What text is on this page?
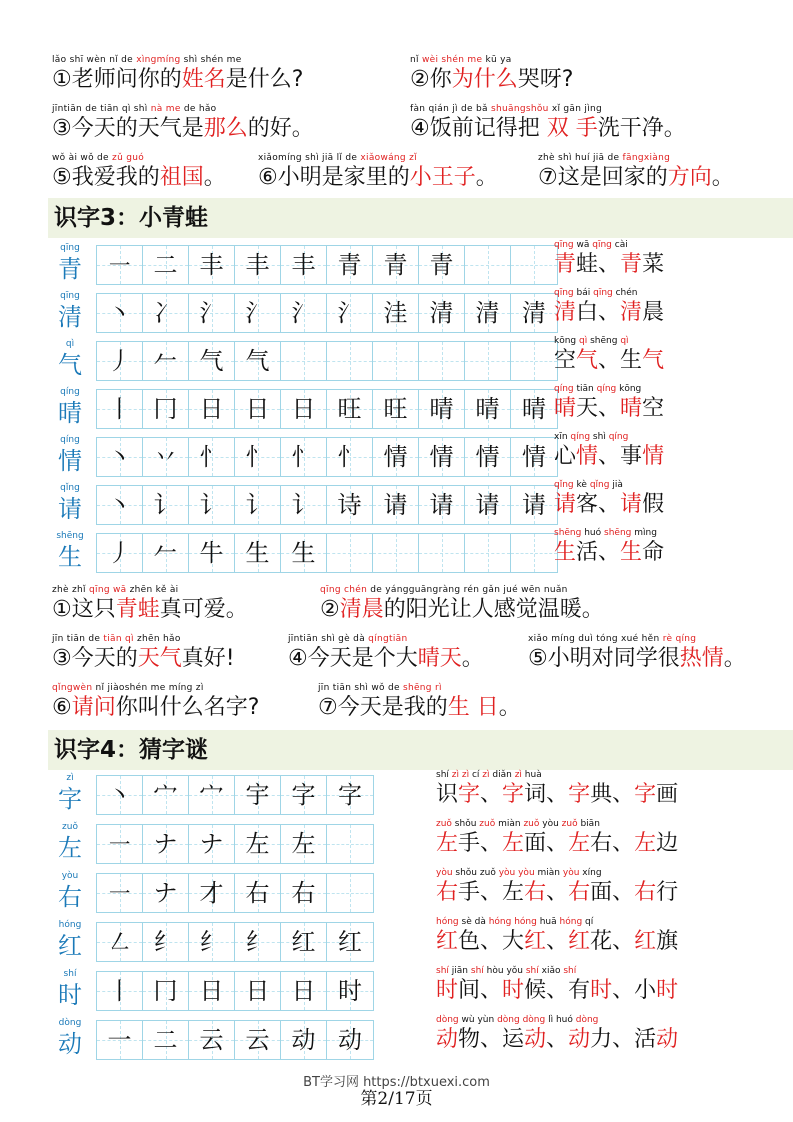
lǎo shī wèn nǐ de xìngmíng shì shén me
①老师问你的姓名是什么?
nǐ wèi shén me kū ya
②你为什么哭呀?
jīntiān de tiān qì shì nà me de hǎo
③今天的天气是那么的好。
fàn qián jì de bǎ shuāngshǒu xǐ gān jìng
④饭前记得把 双 手洗干净。
wǒ ài wǒ de zǔ guó
⑤我爱我的祖国。
xiǎomíng shì jiā lǐ de xiǎowáng zǐ
⑥小明是家里的小王子。
zhè shì huí jiā de fāngxiàng
⑦这是回家的方向。
识字3：小青蛙
识字4：猜字谜
qīng
青	㇐ 二 丰 丰 丰 青 青 青
qīng wā qīng cài
青蛙、青菜
qīng
清	丶 冫 氵 氵 氵 氵 洼 清 清 清
qīng bái qīng chén
清白、清晨
qì
气	丿 𠂉 气 气
kōng qì shēng qì
空气、生气
qíng
晴	丨 冂 日 日 日 旺 旺 晴 晴 晴
qíng tiān qíng kōng
晴天、晴空
qíng
情	丶 丷 忄 忄 忄 忄 情 情 情 情
xīn qíng shì qíng
心情、事情
qǐng
请	丶 讠 讠 讠 讠 诗 请 请 请 请
qǐng kè qǐng jià
请客、请假
shēng
生	丿 𠂉 牛 生 生
shēng huó shēng mìng
生活、生命
zì
字	丶 宀 宀 宇 字 字
shí zì zì cí zì diǎn zì huà
识字、字词、字典、字画
zuǒ
左	㇐ ナ ナ 左 左
zuǒ shǒu zuǒ miàn zuǒ yòu zuǒ biān
左手、左面、左右、左边
yòu
右	㇐ ナ 才 右 右
yòu shǒu zuǒ yòu yòu miàn yòu xíng
右手、左右、右面、右行
hóng
红	㇜ 纟 纟 纟 红 红
hóng sè dà hóng hóng huā hóng qí
红色、大红、红花、红旗
shí
时	丨 冂 日 日 日 时
shí jiān shí hòu yǒu shí xiǎo shí
时间、时候、有时、小时
dòng
动	一 二 云 云 动 动
dòng wù yùn dòng dòng lì huó dòng
动物、运动、动力、活动
zhè zhǐ qīng wā zhēn kě ài
①这只青蛙真可爱。
qīng chén de yángguāngràng rén gǎn jué wēn nuǎn
②清晨的阳光让人感觉温暖。
jīn tiān de tiān qì zhēn hǎo
③今天的天气真好!
jīntiān shì gè dà qíngtiān
④今天是个大晴天。
xiǎo míng duì tóng xué hěn rè qíng
⑤小明对同学很热情。
qǐngwèn nǐ jiàoshén me míng zì
⑥请问你叫什么名字?
jīn tiān shì wǒ de shēng rì
⑦今天是我的生 日。
BT学习网 https://btxuexi.com
第2/17页
